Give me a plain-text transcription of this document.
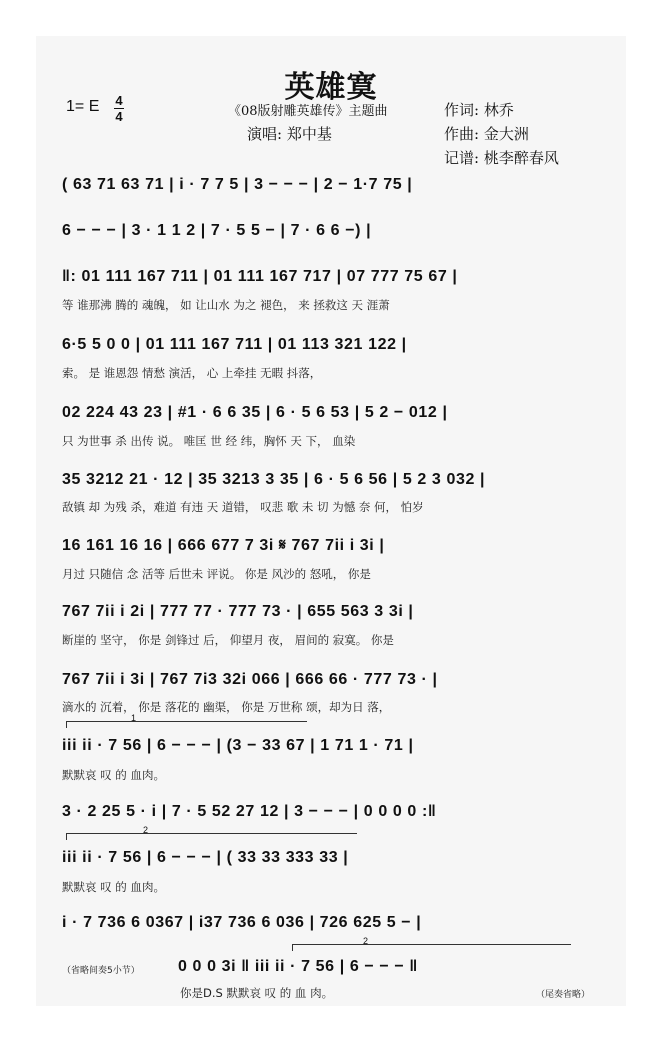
英雄寞
1= E 4
4	《08版射雕英雄传》主题曲
演唱: 郑中基
作词: 林乔
作曲: 金大洲
记谱: 桃李醉春风
( 63 71 63 71 | i · 7 7 5 | 3 − − − | 2 − 1·7 75 |
6 − − − | 3 · 1 1 2 | 7 · 5 5 − | 7 · 6 6 −) |
‖: 01 111 167 711 | 01 111 167 717 | 07 777 75 67 |
等 谁那沸 腾的 魂魄， 如 让山水 为之 褪色， 来 拯救这 天 涯萧
6·5 5 0 0 | 01 111 167 711 | 01 113 321 122 |
索。 是 谁恩怨 情愁 演活， 心 上牵挂 无暇 抖落，
02 224 43 23 | #1 · 6 6 35 | 6 · 5 6 53 | 5 2 − 012 |
只 为世事 杀 出传 说。 唯匡 世 经 纬，胸怀 天 下， 血染
35 3212 21 · 12 | 35 3213 3 35 | 6 · 5 6 56 | 5 2 3 032 |
敌镇 却 为残 杀，难道 有违 天 道错， 叹悲 歌 未 切 为憾 奈 何， 怕岁
16 161 16 16 | 666 677 7 3i 𝄋 767 7ii i 3i |
月过 只随信 念 活等 后世未 评说。 你是 风沙的 怒吼， 你是
767 7ii i 2i | 777 77 · 777 73 · | 655 563 3 3i |
断崖的 坚守， 你是 剑锋过 后， 仰望月 夜， 眉间的 寂寞。 你是
767 7ii i 3i | 767 7i3 32i 066 | 666 66 · 777 73 · |
滴水的 沉着， 你是 落花的 幽渠， 你是 万世称 颂，却为日 落，
1
iii ii · 7 56 | 6 − − − | (3 − 33 67 | 1 71 1 · 71 |
默默哀 叹 的 血肉。
3 · 2 25 5 · i | 7 · 5 52 27 12 | 3 − − − | 0 0 0 0 :‖
2
iii ii · 7 56 | 6 − − − | ( 33 33 333 33 |
默默哀 叹 的 血肉。
i · 7 736 6 0367 | i37 736 6 036 | 726 625 5 − |
2
（省略间奏5小节）	0 0 0 3i ‖ iii ii · 7 56 | 6 − − − ‖
你是D.S 默默哀 叹 的 血 肉。	（尾奏省略）
